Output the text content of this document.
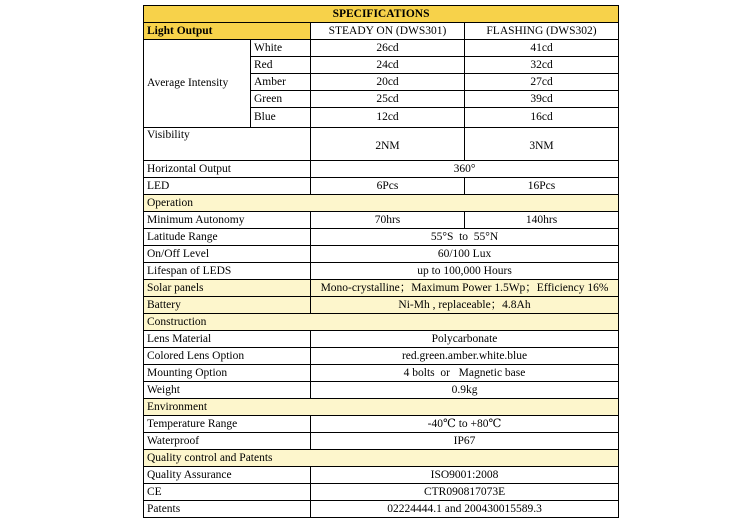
SPECIFICATIONS			
Light Output		STEADY ON (DWS301)	FLASHING (DWS302)
Average Intensity	White	26cd	41cd
	Red	24cd	32cd
	Amber	20cd	27cd
	Green	25cd	39cd
	Blue	12cd	16cd
Visibility		2NM	3NM
Horizontal Output		360°	
LED		6Pcs	16Pcs
Operation			
Minimum Autonomy		70hrs	140hrs
Latitude Range		55°S  to  55°N	
On/Off Level		60/100 Lux	
Lifespan of LEDS		up to 100,000 Hours	
Solar panels		Mono-crystalline；Maximum Power 1.5Wp；Efficiency 16%	
Battery		Ni-Mh , replaceable；4.8Ah	
Construction			
Lens Material		Polycarbonate	
Colored Lens Option		red.green.amber.white.blue	
Mounting Option		4 bolts  or   Magnetic base	
Weight		0.9kg	
Environment			
Temperature Range		-40℃ to +80℃	
Waterproof		IP67	
Quality control and Patents			
Quality Assurance		ISO9001:2008	
CE		CTR090817073E	
Patents		02224444.1 and 200430015589.3	
